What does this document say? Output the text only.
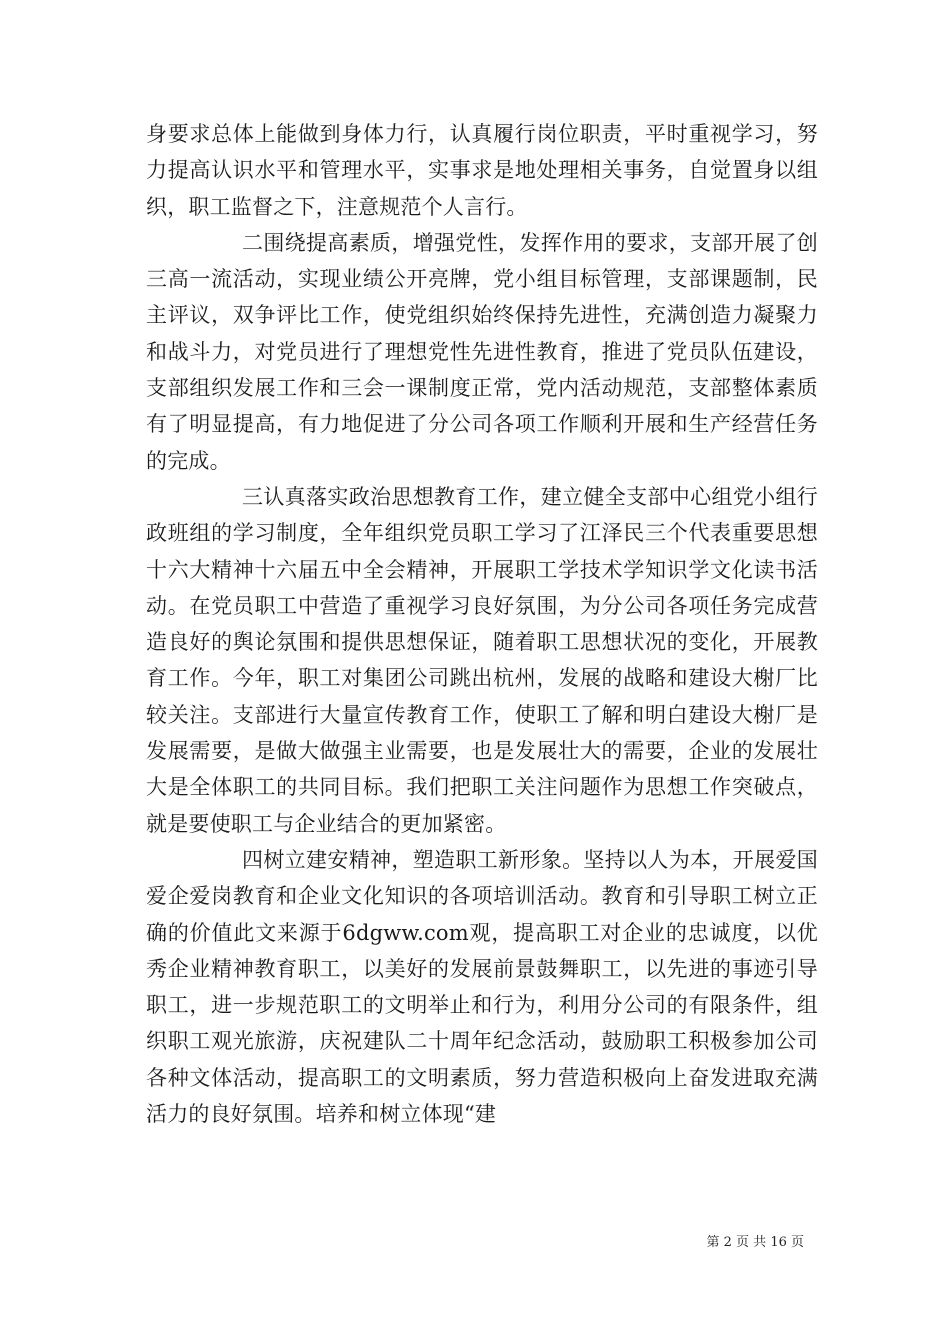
身要求总体上能做到身体力行，认真履行岗位职责，平时重视学习，努力提高认识水平和管理水平，实事求是地处理相关事务，自觉置身以组织，职工监督之下，注意规范个人言行。

二围绕提高素质，增强党性，发挥作用的要求，支部开展了创三高一流活动，实现业绩公开亮牌，党小组目标管理，支部课题制，民主评议，双争评比工作，使党组织始终保持先进性，充满创造力凝聚力和战斗力，对党员进行了理想党性先进性教育，推进了党员队伍建设，支部组织发展工作和三会一课制度正常，党内活动规范，支部整体素质有了明显提高，有力地促进了分公司各项工作顺利开展和生产经营任务的完成。

三认真落实政治思想教育工作，建立健全支部中心组党小组行政班组的学习制度，全年组织党员职工学习了江泽民三个代表重要思想十六大精神十六届五中全会精神，开展职工学技术学知识学文化读书活动。在党员职工中营造了重视学习良好氛围，为分公司各项任务完成营造良好的舆论氛围和提供思想保证，随着职工思想状况的变化，开展教育工作。今年，职工对集团公司跳出杭州，发展的战略和建设大榭厂比较关注。支部进行大量宣传教育工作，使职工了解和明白建设大榭厂是发展需要，是做大做强主业需要，也是发展壮大的需要，企业的发展壮大是全体职工的共同目标。我们把职工关注问题作为思想工作突破点，就是要使职工与企业结合的更加紧密。

四树立建安精神，塑造职工新形象。坚持以人为本，开展爱国爱企爱岗教育和企业文化知识的各项培训活动。教育和引导职工树立正确的价值此文来源于6dgww.com观，提高职工对企业的忠诚度，以优秀企业精神教育职工，以美好的发展前景鼓舞职工，以先进的事迹引导职工，进一步规范职工的文明举止和行为，利用分公司的有限条件，组织职工观光旅游，庆祝建队二十周年纪念活动，鼓励职工积极参加公司各种文体活动，提高职工的文明素质，努力营造积极向上奋发进取充满活力的良好氛围。培养和树立体现“建

第 2 页 共 16 页
